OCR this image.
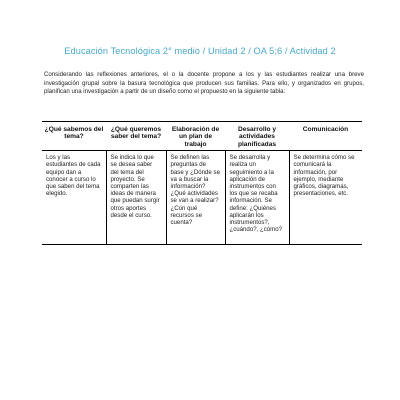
Educación Tecnológica 2° medio / Unidad 2 / OA 5;6 / Actividad 2
Considerando las reflexiones anteriores, el o la docente propone a los y las estudiantes realizar una breve investigación grupal sobre la basura tecnológica que producen sus familias. Para ello, y organizados en grupos, planifican una investigación a partir de un diseño como el propuesto en la siguiente tabla:
¿Qué sabemos del tema?	¿Qué queremos saber del tema?	Elaboración de un plan de trabajo	Desarrollo y actividades planificadas	Comunicación
Los y las estudiantes de cada equipo dan a conocer a curso lo que saben del tema elegido.	Se indica lo que se desea saber del tema del proyecto. Se comparten las ideas de manera que puedan surgir otros aportes desde el curso.	Se definen las preguntas de base y ¿Dónde se va a buscar la información? ¿Qué actividades se van a realizar? ¿Con qué recursos se cuenta?	Se desarrolla y realiza un seguimiento a la aplicación de instrumentos con los que se recaba información. Se define: ¿Quiénes aplicarán los instrumentos?, ¿cuándo?, ¿cómo?	Se determina cómo se comunicará la información, por ejemplo, mediante gráficos, diagramas, presentaciones, etc.
